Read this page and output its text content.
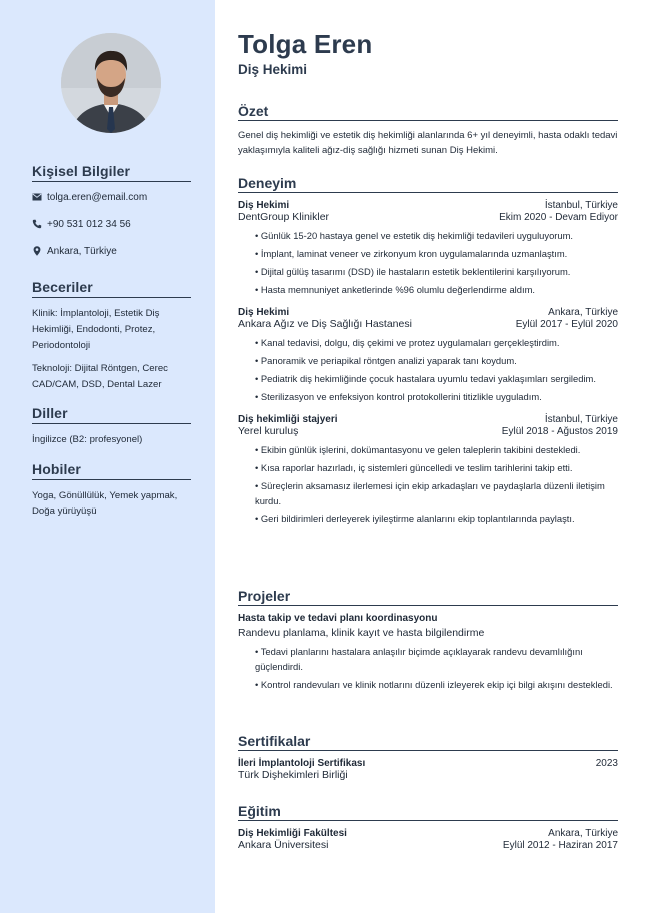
Kişisel Bilgiler
tolga.eren@email.com
+90 531 012 34 56
Ankara, Türkiye
Beceriler
Klinik: İmplantoloji, Estetik Diş Hekimliği, Endodonti, Protez, Periodontoloji
Teknoloji: Dijital Röntgen, Cerec CAD/CAM, DSD, Dental Lazer
Diller
İngilizce (B2: profesyonel)
Hobiler
Yoga, Gönüllülük, Yemek yapmak, Doğa yürüyüşü
Tolga Eren
Diş Hekimi
Özet
Genel diş hekimliği ve estetik diş hekimliği alanlarında 6+ yıl deneyimli, hasta odaklı tedavi yaklaşımıyla kaliteli ağız-diş sağlığı hizmeti sunan Diş Hekimi.
Deneyim
Diş Hekimi	İstanbul, Türkiye
DentGroup Klinikler	Ekim 2020 - Devam Ediyor
• Günlük 15-20 hastaya genel ve estetik diş hekimliği tedavileri uyguluyorum.
• İmplant, laminat veneer ve zirkonyum kron uygulamalarında uzmanlaştım.
• Dijital gülüş tasarımı (DSD) ile hastaların estetik beklentilerini karşılıyorum.
• Hasta memnuniyet anketlerinde %96 olumlu değerlendirme aldım.
Diş Hekimi	Ankara, Türkiye
Ankara Ağız ve Diş Sağlığı Hastanesi	Eylül 2017 - Eylül 2020
• Kanal tedavisi, dolgu, diş çekimi ve protez uygulamaları gerçekleştirdim.
• Panoramik ve periapikal röntgen analizi yaparak tanı koydum.
• Pediatrik diş hekimliğinde çocuk hastalara uyumlu tedavi yaklaşımları sergiledim.
• Sterilizasyon ve enfeksiyon kontrol protokollerini titizlikle uyguladım.
Diş hekimliği stajyeri	İstanbul, Türkiye
Yerel kuruluş	Eylül 2018 - Ağustos 2019
• Ekibin günlük işlerini, dokümantasyonu ve gelen taleplerin takibini destekledi.
• Kısa raporlar hazırladı, iç sistemleri güncelledi ve teslim tarihlerini takip etti.
• Süreçlerin aksamasız ilerlemesi için ekip arkadaşları ve paydaşlarla düzenli iletişim kurdu.
• Geri bildirimleri derleyerek iyileştirme alanlarını ekip toplantılarında paylaştı.
Projeler
Hasta takip ve tedavi planı koordinasyonu
Randevu planlama, klinik kayıt ve hasta bilgilendirme
• Tedavi planlarını hastalara anlaşılır biçimde açıklayarak randevu devamlılığını güçlendirdi.
• Kontrol randevuları ve klinik notlarını düzenli izleyerek ekip içi bilgi akışını destekledi.
Sertifikalar
İleri İmplantoloji Sertifikası	2023
Türk Dişhekimleri Birliği
Eğitim
Diş Hekimliği Fakültesi	Ankara, Türkiye
Ankara Üniversitesi	Eylül 2012 - Haziran 2017
